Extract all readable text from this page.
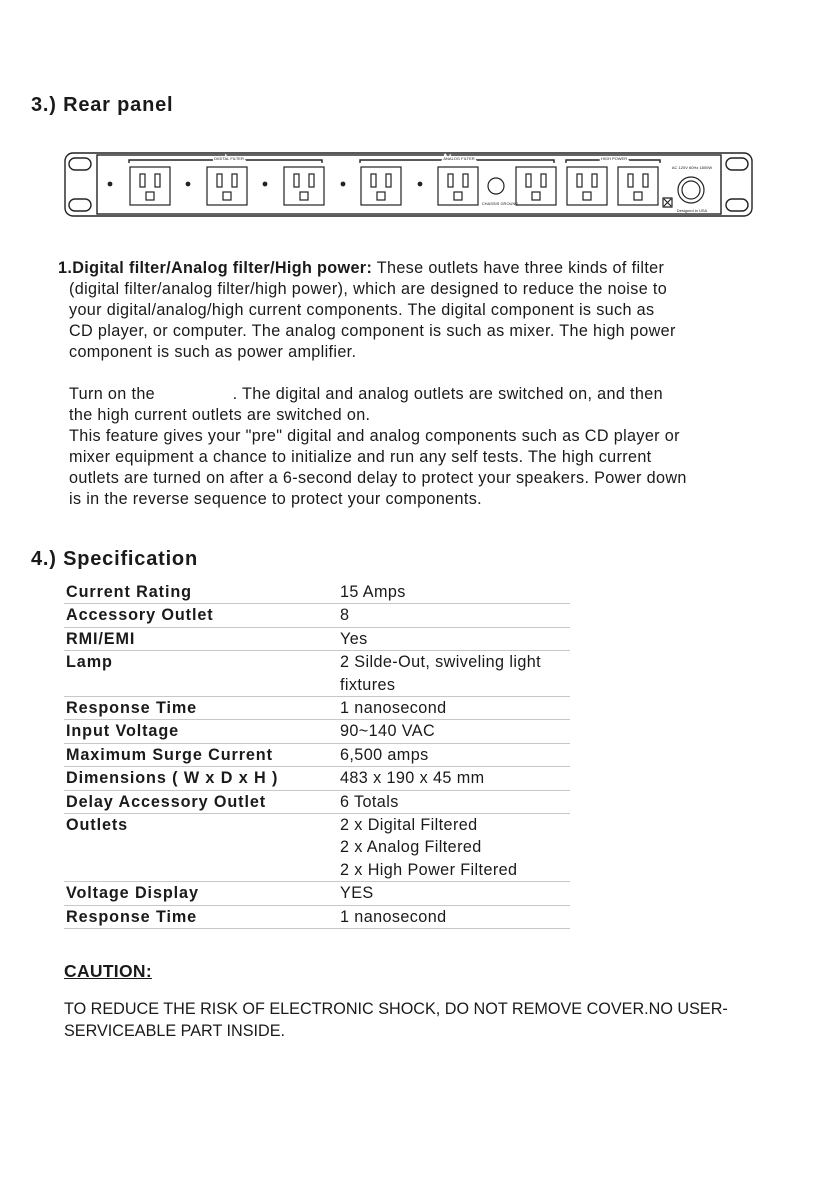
3.) Rear panel
DIGITAL FILTER	ANALOG FILTER	HIGH POWER
CHASSIS GROUND
AC 120V 60Hz 1800W
Designed in USA

1.Digital filter/Analog filter/High power: These outlets have three kinds of filter

(digital filter/analog filter/high power), which are designed to reduce the noise to

your digital/analog/high current components. The digital component is such as

CD player, or computer. The analog component is such as mixer. The high power

component is such as power amplifier.

Turn on the                . The digital and analog outlets are switched on, and then

the high current outlets are switched on.

This feature gives your "pre" digital and analog components such as CD player or

mixer equipment a chance to initialize and run any self tests. The high current

outlets are turned on after a 6-second delay to protect your speakers. Power down

is in the reverse sequence to protect your components.

4.) Specification
Current Rating	15 Amps
Accessory Outlet	8
RMI/EMI	Yes
Lamp	2 Silde-Out, swiveling light
fixtures

Response Time	1 nanosecond
Input Voltage	90~140 VAC
Maximum Surge Current	6,500 amps
Dimensions ( W x D x H )	483 x 190 x 45 mm
Delay Accessory Outlet	6 Totals
Outlets	2 x Digital Filtered
2 x Analog Filtered
2 x High Power Filtered

Voltage Display	YES
Response Time	1 nanosecond
CAUTION:
TO REDUCE THE RISK OF ELECTRONIC SHOCK, DO NOT REMOVE COVER.NO USER-
SERVICEABLE PART INSIDE.
